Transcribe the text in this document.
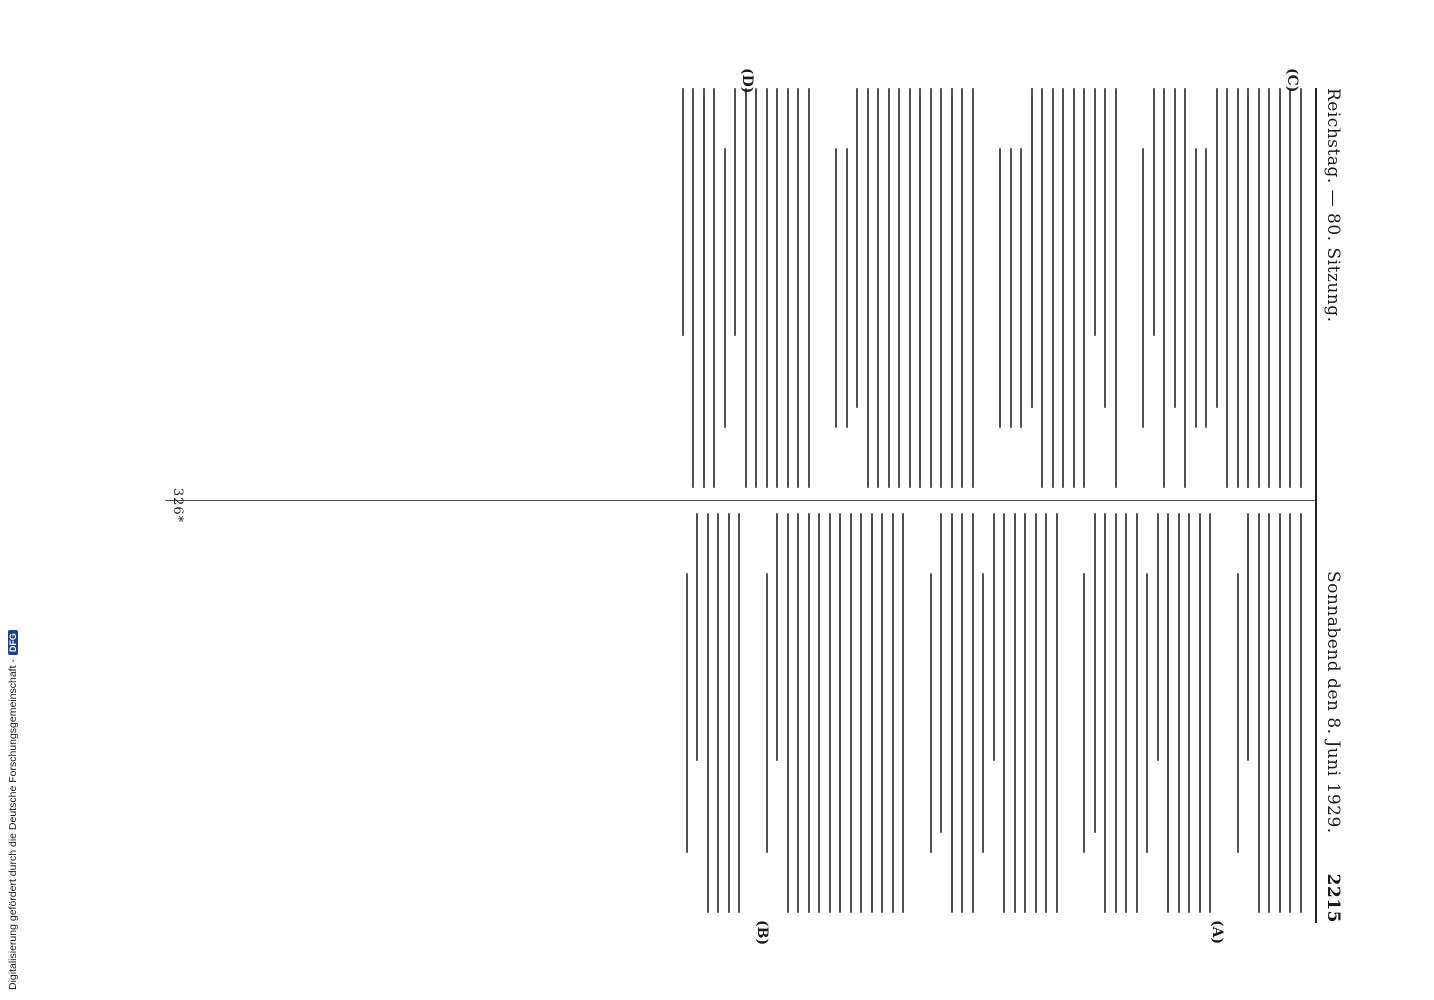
Reichstag. — 80. Sitzung.
Sonnabend den 8. Juni 1929.
2215
(A)
(B)
(C)
(D)
326*
Digitalisierung gefördert durch die Deutsche Forschungsgemeinschaft -
DFG
